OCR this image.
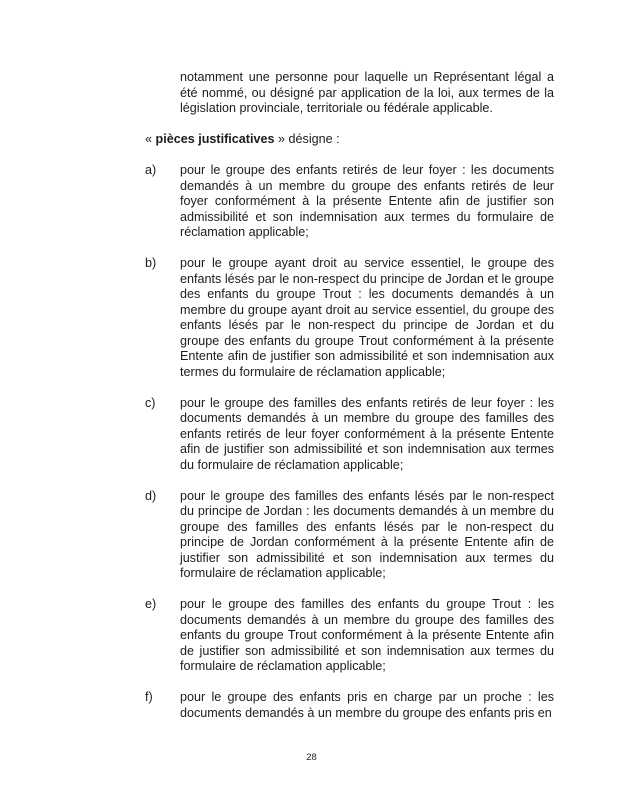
notamment une personne pour laquelle un Représentant légal a été nommé, ou désigné par application de la loi, aux termes de la législation provinciale, territoriale ou fédérale applicable.

« pièces justificatives » désigne :

a)	pour le groupe des enfants retirés de leur foyer : les documents demandés à un membre du groupe des enfants retirés de leur foyer conformément à la présente Entente afin de justifier son admissibilité et son indemnisation aux termes du formulaire de réclamation applicable;
b)	pour le groupe ayant droit au service essentiel, le groupe des enfants lésés par le non-respect du principe de Jordan et le groupe des enfants du groupe Trout : les documents demandés à un membre du groupe ayant droit au service essentiel, du groupe des enfants lésés par le non-respect du principe de Jordan et du groupe des enfants du groupe Trout conformément à la présente Entente afin de justifier son admissibilité et son indemnisation aux termes du formulaire de réclamation applicable;
c)	pour le groupe des familles des enfants retirés de leur foyer : les documents demandés à un membre du groupe des familles des enfants retirés de leur foyer conformément à la présente Entente afin de justifier son admissibilité et son indemnisation aux termes du formulaire de réclamation applicable;
d)	pour le groupe des familles des enfants lésés par le non-respect du principe de Jordan : les documents demandés à un membre du groupe des familles des enfants lésés par le non-respect du principe de Jordan conformément à la présente Entente afin de justifier son admissibilité et son indemnisation aux termes du formulaire de réclamation applicable;
e)	pour le groupe des familles des enfants du groupe Trout : les documents demandés à un membre du groupe des familles des enfants du groupe Trout conformément à la présente Entente afin de justifier son admissibilité et son indemnisation aux termes du formulaire de réclamation applicable;
f)	pour le groupe des enfants pris en charge par un proche : les documents demandés à un membre du groupe des enfants pris en
28
